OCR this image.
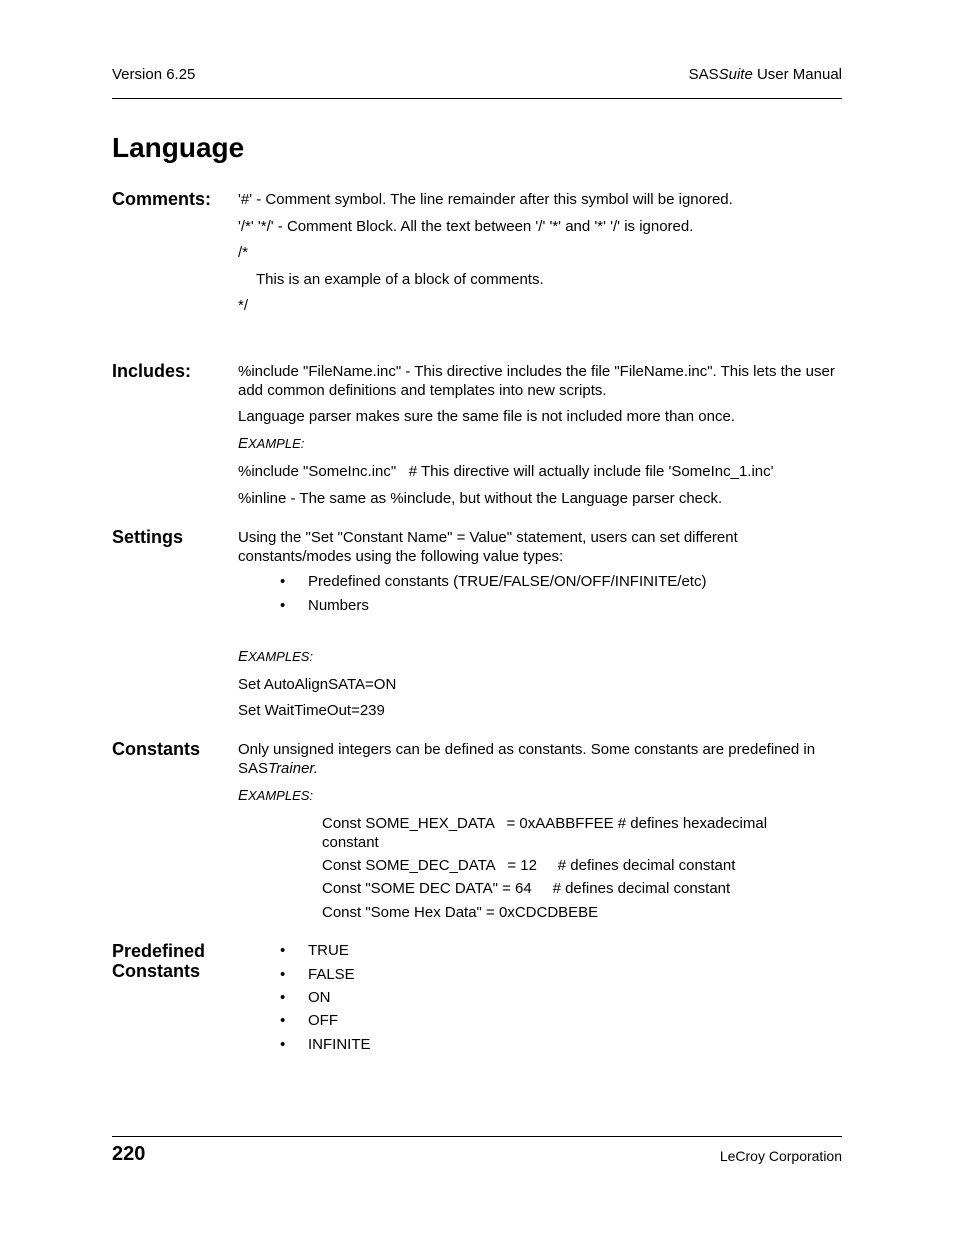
Version 6.25	SASSuite User Manual
Language
Comments: '#' - Comment symbol. The line remainder after this symbol will be ignored.
'/*' '*/' - Comment Block. All the text between '/' '*' and '*' '/' is ignored.
/*
This is an example of a block of comments.
*/
Includes:	%include "FileName.inc" - This directive includes the file "FileName.inc". This lets the user add common definitions and templates into new scripts.
Language parser makes sure the same file is not included more than once.
EXAMPLE:
%include "SomeInc.inc"   # This directive will actually include file 'SomeInc_1.inc'
%inline - The same as %include, but without the Language parser check.
Settings	Using the "Set "Constant Name" = Value" statement, users can set different constants/modes using the following value types:
• Predefined constants (TRUE/FALSE/ON/OFF/INFINITE/etc)
• Numbers
EXAMPLES:
Set AutoAlignSATA=ON
Set WaitTimeOut=239
Constants	Only unsigned integers can be defined as constants. Some constants are predefined in SASTrainer.
EXAMPLES:
Const SOME_HEX_DATA   = 0xAABBFFEE # defines hexadecimal constant
Const SOME_DEC_DATA   = 12     # defines decimal constant
Const "SOME DEC DATA" = 64     # defines decimal constant
Const "Some Hex Data" = 0xCDCDBEBE
Predefined
Constants
• TRUE
• FALSE
• ON
• OFF
• INFINITE
220	LeCroy Corporation
